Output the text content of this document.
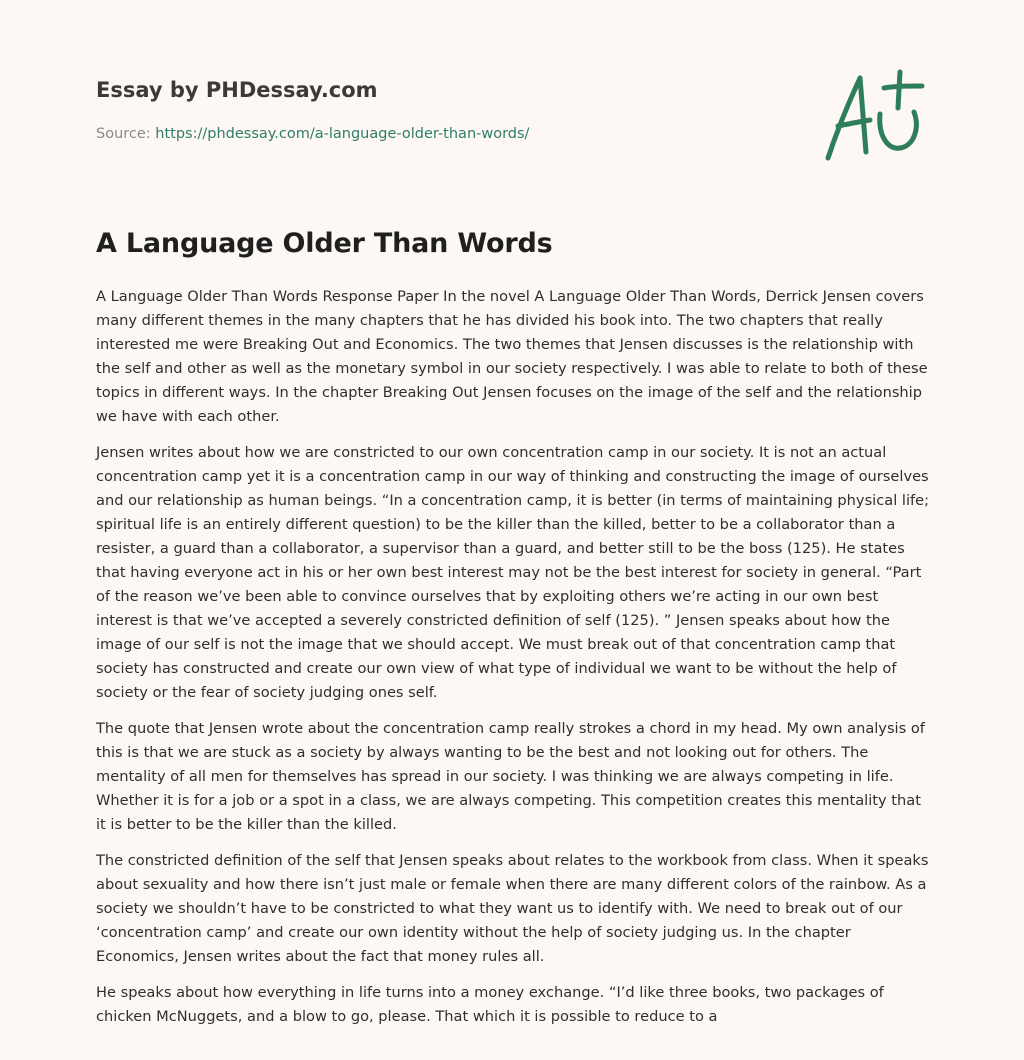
Essay by PHDessay.com
Source: https://phdessay.com/a-language-older-than-words/
A Language Older Than Words

A Language Older Than Words Response Paper In the novel A Language Older Than Words, Derrick Jensen covers many different themes in the many chapters that he has divided his book into. The two chapters that really interested me were Breaking Out and Economics. The two themes that Jensen discusses is the relationship with the self and other as well as the monetary symbol in our society respectively. I was able to relate to both of these topics in different ways. In the chapter Breaking Out Jensen focuses on the image of the self and the relationship we have with each other.

Jensen writes about how we are constricted to our own concentration camp in our society. It is not an actual concentration camp yet it is a concentration camp in our way of thinking and constructing the image of ourselves and our relationship as human beings. “In a concentration camp, it is better (in terms of maintaining physical life; spiritual life is an entirely different question) to be the killer than the killed, better to be a collaborator than a resister, a guard than a collaborator, a supervisor than a guard, and better still to be the boss (125). He states that having everyone act in his or her own best interest may not be the best interest for society in general. “Part of the reason we’ve been able to convince ourselves that by exploiting others we’re acting in our own best interest is that we’ve accepted a severely constricted definition of self (125). ” Jensen speaks about how the image of our self is not the image that we should accept. We must break out of that concentration camp that society has constructed and create our own view of what type of individual we want to be without the help of society or the fear of society judging ones self.

The quote that Jensen wrote about the concentration camp really strokes a chord in my head. My own analysis of this is that we are stuck as a society by always wanting to be the best and not looking out for others. The mentality of all men for themselves has spread in our society. I was thinking we are always competing in life. Whether it is for a job or a spot in a class, we are always competing. This competition creates this mentality that it is better to be the killer than the killed.

The constricted definition of the self that Jensen speaks about relates to the workbook from class. When it speaks about sexuality and how there isn’t just male or female when there are many different colors of the rainbow. As a society we shouldn’t have to be constricted to what they want us to identify with. We need to break out of our ‘concentration camp’ and create our own identity without the help of society judging us. In the chapter Economics, Jensen writes about the fact that money rules all.

He speaks about how everything in life turns into a money exchange. “I’d like three books, two packages of chicken McNuggets, and a blow to go, please. That which it is possible to reduce to a
